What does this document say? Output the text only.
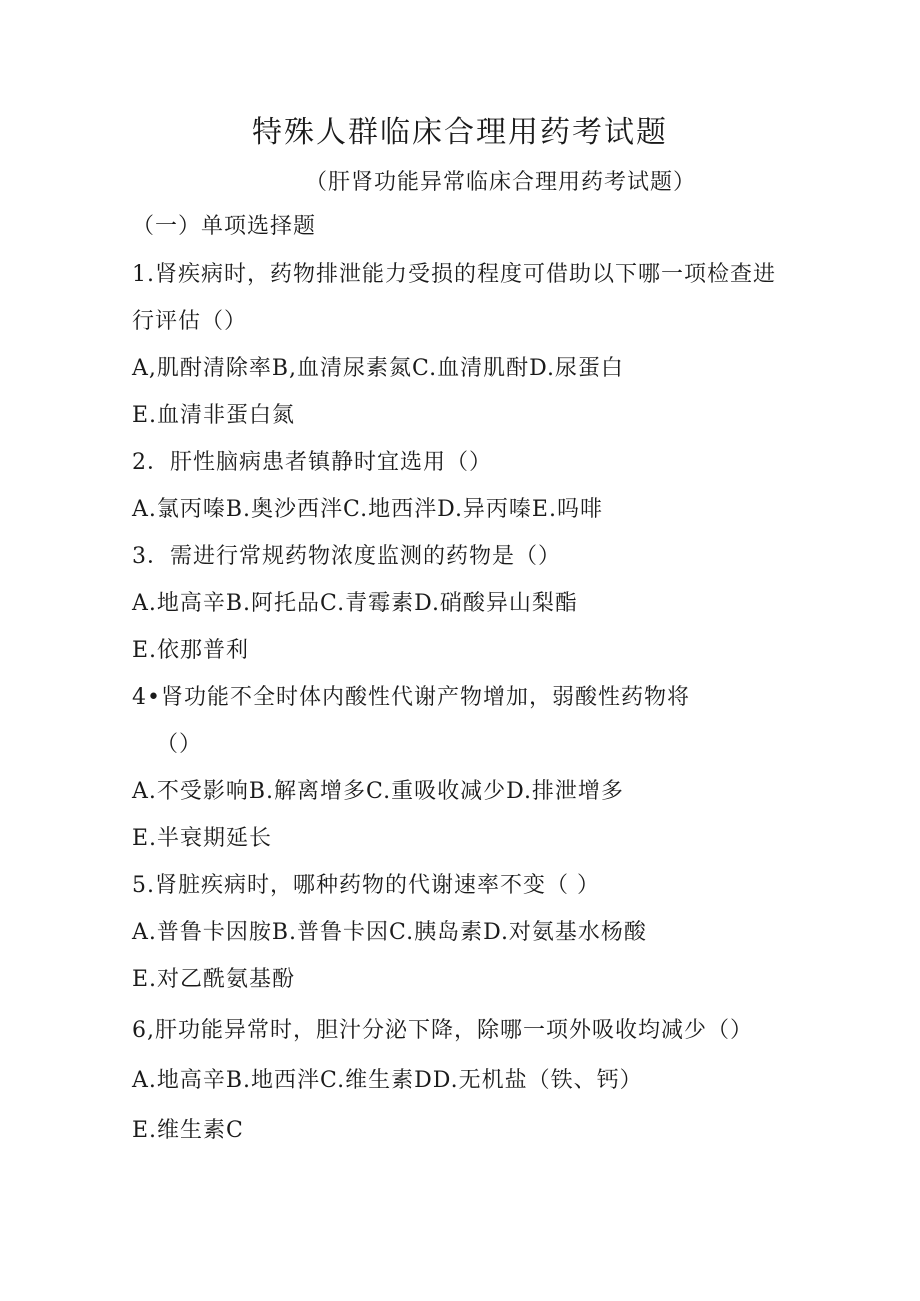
特殊人群临床合理用药考试题
（肝肾功能异常临床合理用药考试题）
（一）单项选择题
1.肾疾病时，药物排泄能力受损的程度可借助以下哪一项检查进
行评估（）
A,肌酎清除率B,血清尿素氮C.血清肌酎D.尿蛋白
E.血清非蛋白氮
2．肝性脑病患者镇静时宜选用（）
A.氯丙嗪B.奥沙西泮C.地西泮D.异丙嗪E.吗啡
3．需进行常规药物浓度监测的药物是（）
A.地高辛B.阿托品C.青霉素D.硝酸异山梨酯
E.依那普利
4•肾功能不全时体内酸性代谢产物增加，弱酸性药物将
（）
A.不受影响B.解离增多C.重吸收减少D.排泄增多
E.半衰期延长
5.肾脏疾病时，哪种药物的代谢速率不变（ ）
A.普鲁卡因胺B.普鲁卡因C.胰岛素D.对氨基水杨酸
E.对乙酰氨基酚
6,肝功能异常时，胆汁分泌下降，除哪一项外吸收均减少（）
A.地高辛B.地西泮C.维生素DD.无机盐（铁、钙）
E.维生素C
